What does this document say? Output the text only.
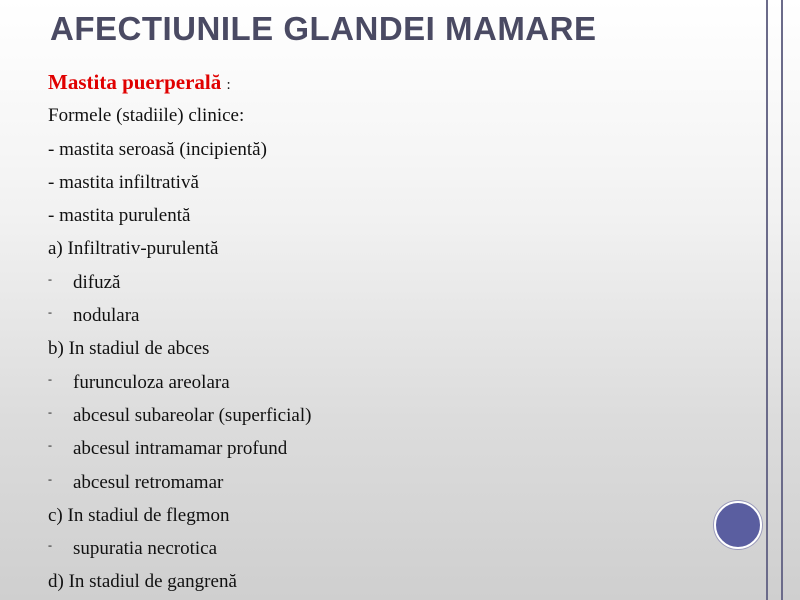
AFECTIUNILE GLANDEI MAMARE
Mastita puerperală :
Formele (stadiile) clinice:
- mastita seroasă (incipientă)
- mastita infiltrativă
- mastita purulentă
a) Infiltrativ-purulentă
- difuză
- nodulara
b) In stadiul de abces
- furunculoza areolara
- abcesul subareolar (superficial)
- abcesul intramamar profund
- abcesul retromamar
c) In stadiul de flegmon
- supuratia necrotica
d) In stadiul de gangrenă
